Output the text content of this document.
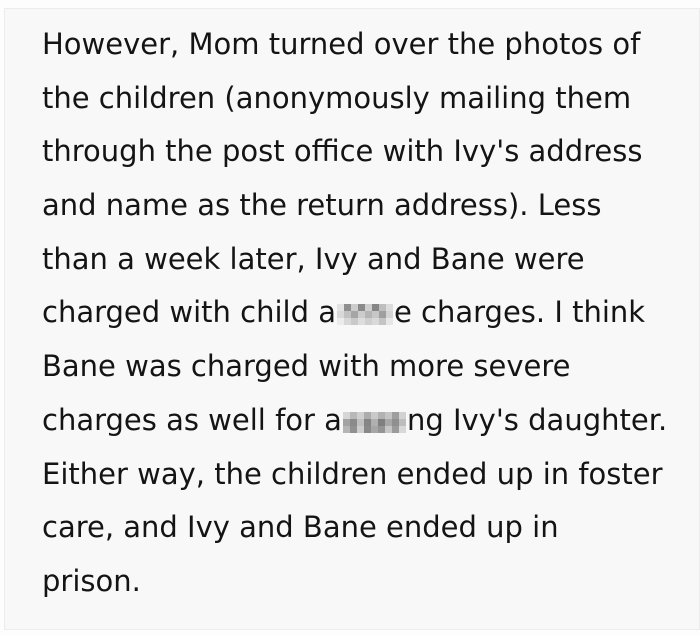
However, Mom turned over the photos of
the children (anonymously mailing them
through the post office with Ivy's address
and name as the return address). Less
than a week later, Ivy and Bane were
charged with child a e charges. I think
Bane was charged with more severe
charges as well for a ng Ivy's daughter.
Either way, the children ended up in foster
care, and Ivy and Bane ended up in
prison.
